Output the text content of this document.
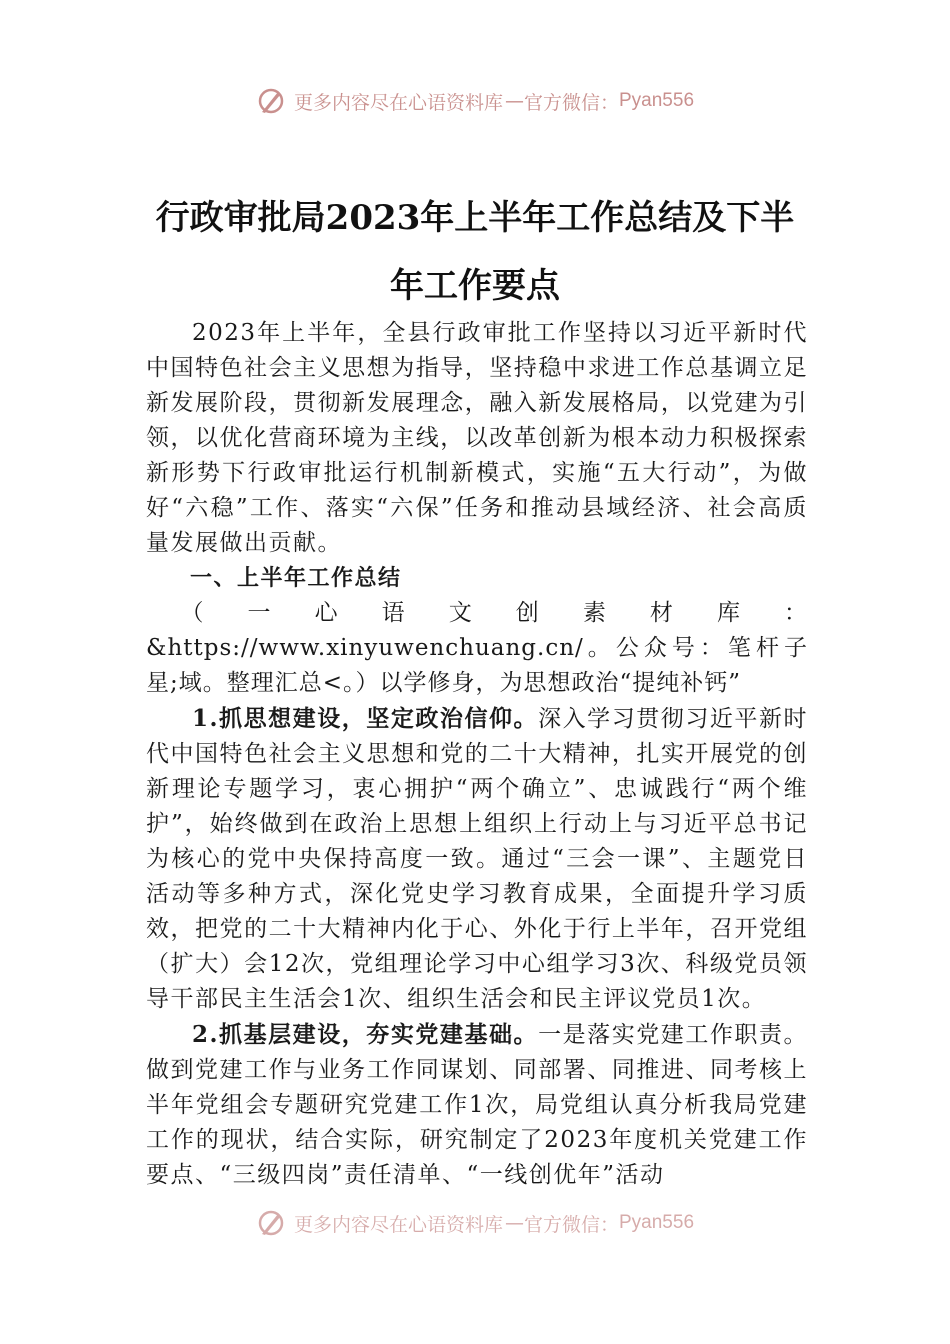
更多内容尽在心语资料库 — 官方微信： Pyan556
行政审批局2023年上半年工作总结及下半
年工作要点

2023年上半年，全县行政审批工作坚持以习近平新时代中国特色社会主义思想为指导，坚持稳中求进工作总基调立足新发展阶段，贯彻新发展理念，融入新发展格局，以党建为引领，以优化营商环境为主线，以改革创新为根本动力积极探索新形势下行政审批运行机制新模式，实施“五大行动”，为做好“六稳”工作、落实“六保”任务和推动县域经济、社会高质量发展做出贡献。

一、上半年工作总结

（一心语文创素材库：&https://www.xinyuwenchuang.cn/。公众号：笔杆子星;域。整理汇总<。）以学修身，为思想政治“提纯补钙”

1.抓思想建设，坚定政治信仰。深入学习贯彻习近平新时代中国特色社会主义思想和党的二十大精神，扎实开展党的创新理论专题学习，衷心拥护“两个确立”、忠诚践行“两个维护”，始终做到在政治上思想上组织上行动上与习近平总书记为核心的党中央保持高度一致。通过“三会一课”、主题党日活动等多种方式，深化党史学习教育成果，全面提升学习质效，把党的二十大精神内化于心、外化于行上半年，召开党组（扩大）会12次，党组理论学习中心组学习3次、科级党员领导干部民主生活会1次、组织生活会和民主评议党员1次。

2.抓基层建设，夯实党建基础。一是落实党建工作职责。做到党建工作与业务工作同谋划、同部署、同推进、同考核上半年党组会专题研究党建工作1次，局党组认真分析我局党建工作的现状，结合实际，研究制定了2023年度机关党建工作要点、“三级四岗”责任清单、“一线创优年”活动

更多内容尽在心语资料库 — 官方微信： Pyan556
